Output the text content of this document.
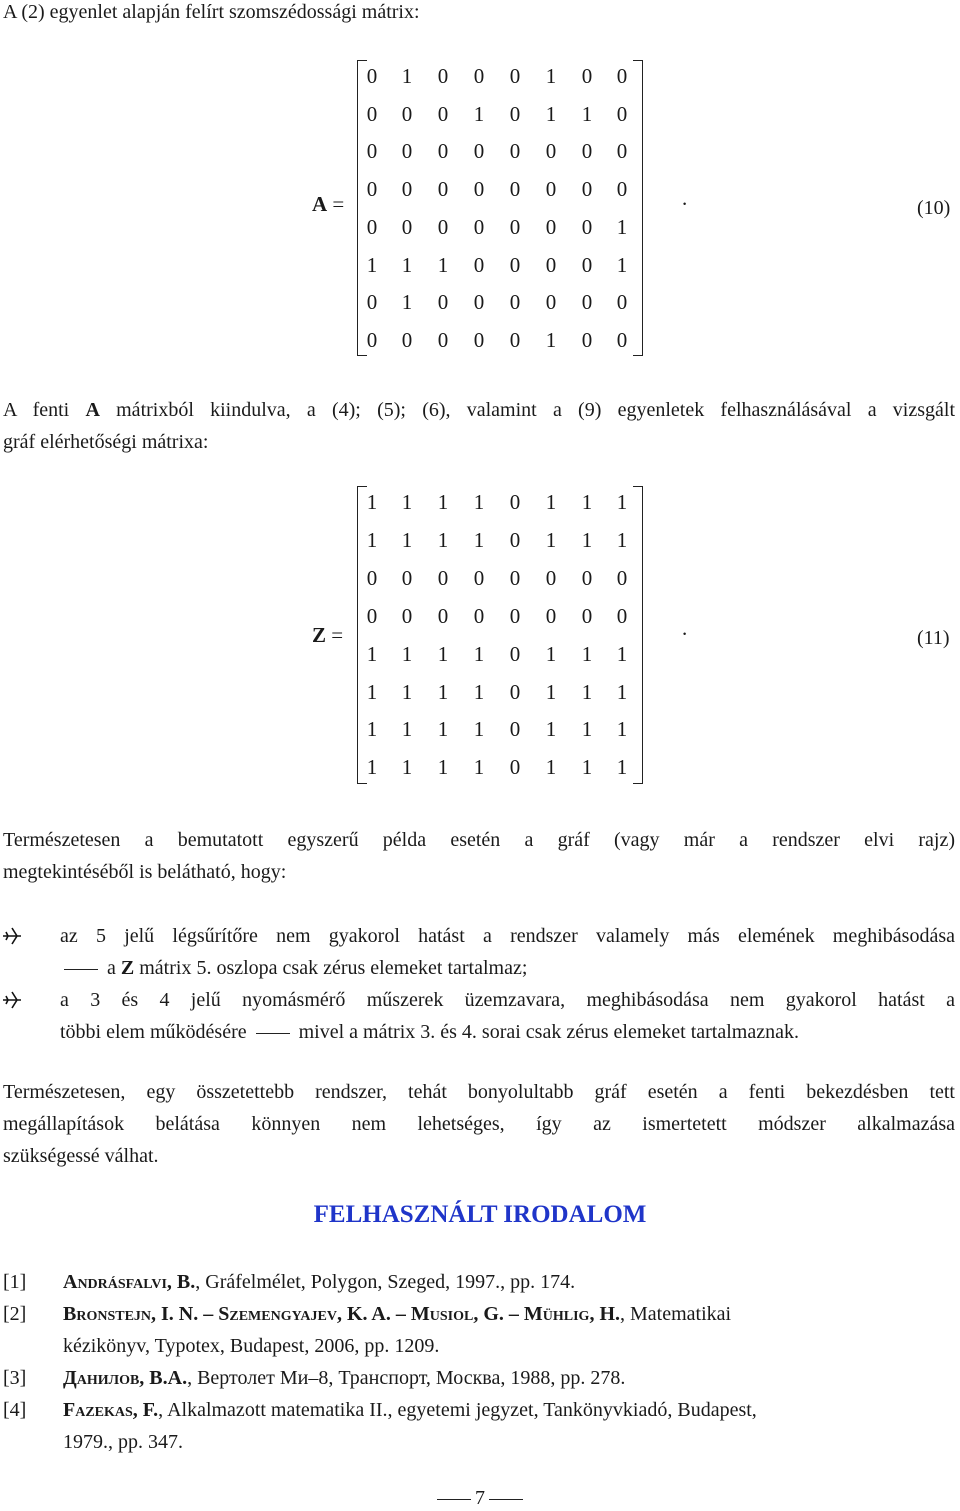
A (2) egyenlet alapján felírt szomszédossági mátrix:
A =
0 1 0 0 0 1 0 0
0 0 0 1 0 1 1 0
0 0 0 0 0 0 0 0
0 0 0 0 0 0 0 0
0 0 0 0 0 0 0 1
1 1 1 0 0 0 0 1
0 1 0 0 0 0 0 0
0 0 0 0 0 1 0 0
.	(10)
A fenti A mátrixból kiindulva, a (4); (5); (6), valamint a (9) egyenletek felhasználásával a vizsgált
gráf elérhetőségi mátrixa:
Z =
1 1 1 1 0 1 1 1
1 1 1 1 0 1 1 1
0 0 0 0 0 0 0 0
0 0 0 0 0 0 0 0
1 1 1 1 0 1 1 1
1 1 1 1 0 1 1 1
1 1 1 1 0 1 1 1
1 1 1 1 0 1 1 1
.	(11)
Természetesen a bemutatott egyszerű példa esetén a gráf (vagy már a rendszer elvi rajz)
megtekintéséből is belátható, hogy:
az 5 jelű légsűrítőre nem gyakorol hatást a rendszer valamely más elemének meghibásodása
a Z mátrix 5. oszlopa csak zérus elemeket tartalmaz;
a 3 és 4 jelű nyomásmérő műszerek üzemzavara, meghibásodása nem gyakorol hatást a
többi elem működésére  mivel a mátrix 3. és 4. sorai csak zérus elemeket tartalmaznak.
Természetesen, egy összetettebb rendszer, tehát bonyolultabb gráf esetén a fenti bekezdésben tett
megállapítások belátása könnyen nem lehetséges, így az ismertetett módszer alkalmazása
szükségessé válhat.
FELHASZNÁLT IRODALOM
[1] Andrásfalvi, B., Gráfelmélet, Polygon, Szeged, 1997., pp. 174.
[2] Bronstejn, I. N. – Szemengyajev, K. A. – Musiol, G. – Mühlig, H., Matematikai
kézikönyv, Typotex, Budapest, 2006, pp. 1209.
[3] Данилов, В.А., Вертолет Ми–8, Транспорт, Москва, 1988, pp. 278.
[4] Fazekas, F., Alkalmazott matematika II., egyetemi jegyzet, Tankönyvkiadó, Budapest,
1979., pp. 347.
7
